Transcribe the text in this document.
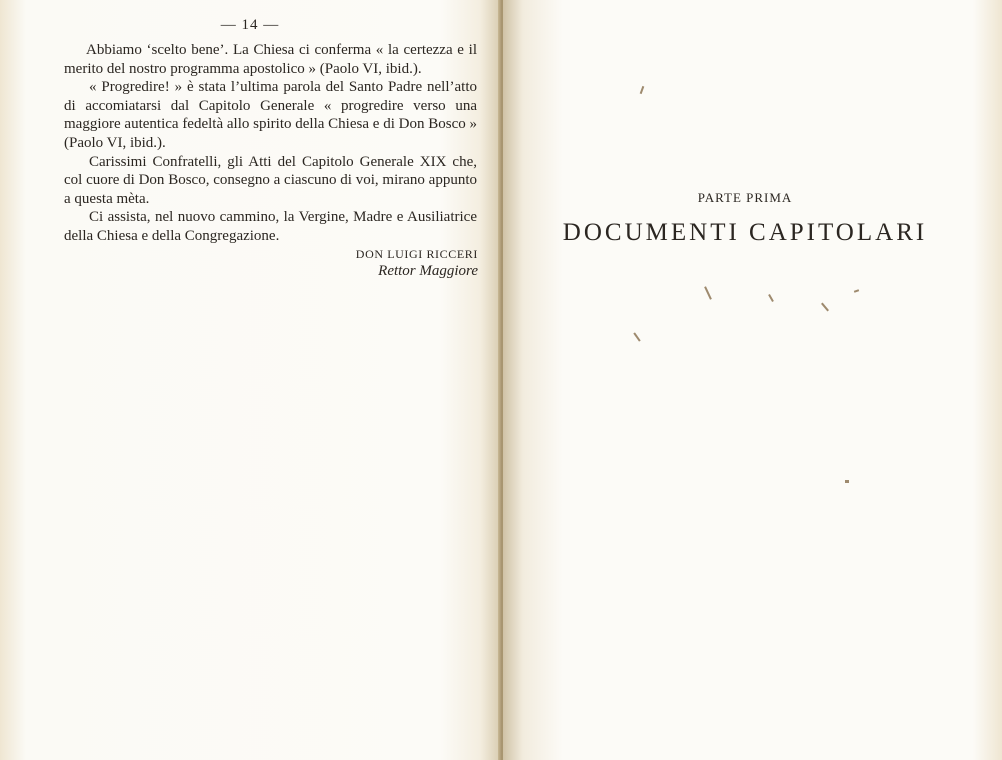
— 14 —

Abbiamo ‘scelto bene’. La Chiesa ci conferma « la certezza e il merito del nostro programma apostolico » (Paolo VI, ibid.).

« Progredire! » è stata l’ultima parola del Santo Padre nell’atto di accomiatarsi dal Capitolo Generale « progredire verso una maggiore autentica fedeltà allo spirito della Chiesa e di Don Bosco » (Paolo VI, ibid.).

Carissimi Confratelli, gli Atti del Capitolo Generale XIX che, col cuore di Don Bosco, consegno a ciascuno di voi, mirano appunto a questa mèta.

Ci assista, nel nuovo cammino, la Vergine, Madre e Ausiliatrice della Chiesa e della Congregazione.

DON LUIGI RICCERI
Rettor Maggiore
PARTE PRIMA
DOCUMENTI CAPITOLARI
